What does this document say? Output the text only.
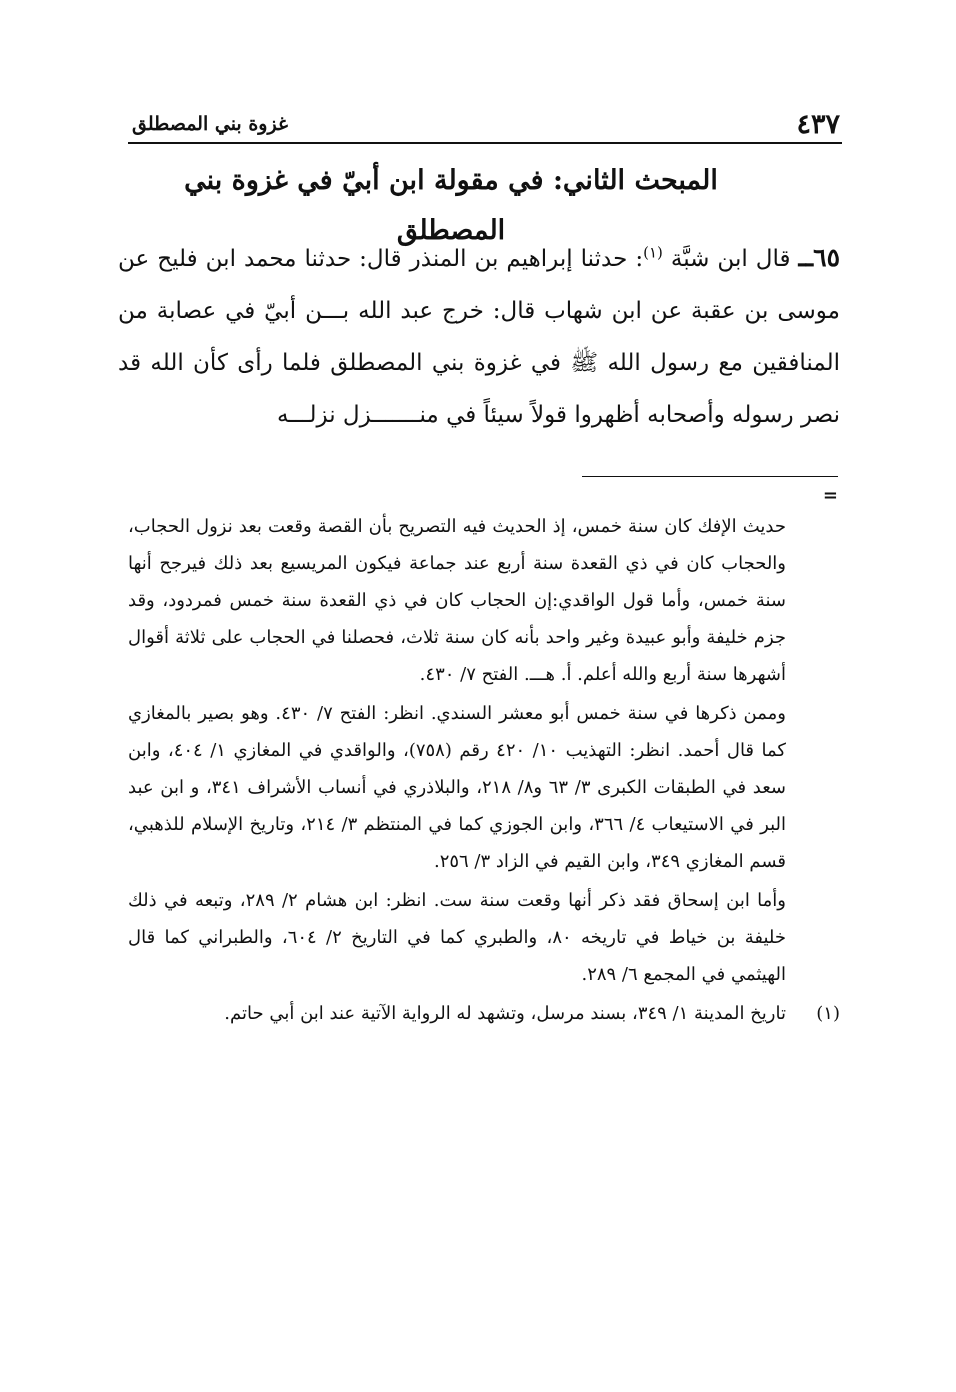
٤٣٧
غزوة بني المصطلق
المبحث الثاني: في مقولة ابن أبيّ في غزوة بني المصطلق
٦٥ــ قال ابن شبَّة $^{(١)}$: حدثنا إبراهيم بن المنذر قال: حدثنا محمد ابن فليح عن موسى بن عقبة عن ابن شهاب قال: خرج عبد الله بـــن أبيّ في عصابة من المنافقين مع رسول الله ﷺ في غزوة بني المصطلق فلما رأى كأن الله قد نصر رسوله وأصحابه أظهروا قولاً سيئاً في منـــــــزل نزلـــه
=

حديث الإفك كان سنة خمس، إذ الحديث فيه التصريح بأن القصة وقعت بعد نزول الحجاب، والحجاب كان في ذي القعدة سنة أربع عند جماعة فيكون المريسيع بعد ذلك فيرجح أنها سنة خمس، وأما قول الواقدي:إن الحجاب كان في ذي القعدة سنة خمس فمردود، وقد جزم خليفة وأبو عبيدة وغير واحد بأنه كان سنة ثلاث، فحصلنا في الحجاب على ثلاثة أقوال أشهرها سنة أربع والله أعلم. أ. هـــ. الفتح ٧/ ٤٣٠.

وممن ذكرها في سنة خمس أبو معشر السندي. انظر: الفتح ٧/ ٤٣٠. وهو بصير بالمغازي كما قال أحمد. انظر: التهذيب ١٠/ ٤٢٠ رقم (٧٥٨)، والواقدي في المغازي ١/ ٤٠٤، وابن سعد في الطبقات الكبرى ٣/ ٦٣ و٨/ ٢١٨، والبلاذري في أنساب الأشراف ٣٤١، و ابن عبد البر في الاستيعاب ٤/ ٣٦٦، وابن الجوزي كما في المنتظم ٣/ ٢١٤، وتاريخ الإسلام للذهبي، قسم المغازي ٣٤٩، وابن القيم في الزاد ٣/ ٢٥٦.

وأما ابن إسحاق فقد ذكر أنها وقعت سنة ست. انظر: ابن هشام ٢/ ٢٨٩، وتبعه في ذلك خليفة بن خياط في تاريخه ٨٠، والطبري كما في التاريخ ٢/ ٦٠٤، والطبراني كما قال الهيثمي في المجمع ٦/ ٢٨٩.

(١)
تاريخ المدينة ١/ ٣٤٩، بسند مرسل، وتشهد له الرواية الآتية عند ابن أبي حاتم.
